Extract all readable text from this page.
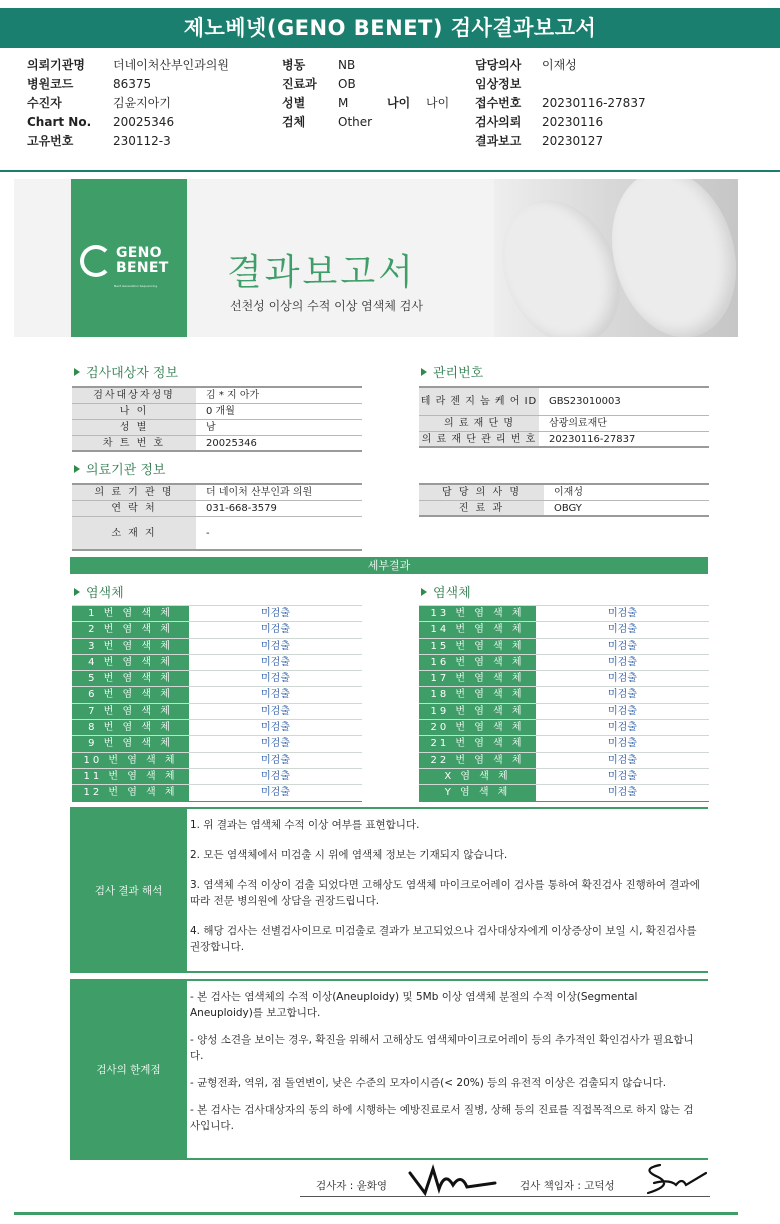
제노베넷(GENO BENET) 검사결과보고서
의뢰기관명	더네이처산부인과의원
병원코드	86375
수진자	김윤지아기
Chart No.	20025346
고유번호	230112-3
병동	NB
진료과	OB
성별	M
검체	Other
나이 나이
담당의사	이재성
임상정보
접수번호	20230116-27837
검사의뢰	20230116
결과보고	20230127
GENO
BENET
Next Generation Sequencing 결과보고서
선천성 이상의 수적 이상 염색체 검사
검사대상자 정보
검사대상자성명	김 * 지 아가
나 이	0 개월
성 별	남
차 트 번 호	20025346
관리번호
테 라 젠 지 놈 케 어 ID	GBS23010003
의 료 재 단 명	삼광의료재단
의 료 재 단 관 리 번 호	20230116-27837
의료기관 정보
의 료 기 관 명	더 네이처 산부인과 의원
연 락 처	031-668-3579
소 재 지	-
담 당 의 사 명	이재성
진 료 과	OBGY
세부결과
염색체	염색체
1 번 염 색 체	미검출
2 번 염 색 체	미검출
3 번 염 색 체	미검출
4 번 염 색 체	미검출
5 번 염 색 체	미검출
6 번 염 색 체	미검출
7 번 염 색 체	미검출
8 번 염 색 체	미검출
9 번 염 색 체	미검출
10 번 염 색 체	미검출
11 번 염 색 체	미검출
12 번 염 색 체	미검출
13 번 염 색 체	미검출
14 번 염 색 체	미검출
15 번 염 색 체	미검출
16 번 염 색 체	미검출
17 번 염 색 체	미검출
18 번 염 색 체	미검출
19 번 염 색 체	미검출
20 번 염 색 체	미검출
21 번 염 색 체	미검출
22 번 염 색 체	미검출
X 염 색 체	미검출
Y 염 색 체	미검출
검사 결과 해석

1. 위 결과는 염색체 수적 이상 여부를 표현합니다.

2. 모든 염색체에서 미검출 시 위에 염색체 정보는 기재되지 않습니다.

3. 염색체 수적 이상이 검출 되었다면 고해상도 염색체 마이크로어레이 검사를 통하여 확진검사 진행하여 결과에 따라 전문 병의원에 상담을 권장드립니다.

4. 해당 검사는 선별검사이므로 미검출로 결과가 보고되었으나 검사대상자에게 이상증상이 보일 시, 확진검사를 권장합니다.

검사의 한계점

- 본 검사는 염색체의 수적 이상(Aneuploidy) 및 5Mb 이상 염색체 분절의 수적 이상(Segmental Aneuploidy)를 보고합니다.

- 양성 소견을 보이는 경우, 확진을 위해서 고해상도 염색체마이크로어레이 등의 추가적인 확인검사가 필요합니다.

- 균형전좌, 역위, 점 돌연변이, 낮은 수준의 모자이시즘(< 20%) 등의 유전적 이상은 검출되지 않습니다.

- 본 검사는 검사대상자의 동의 하에 시행하는 예방진료로서 질병, 상해 등의 진료를 직접목적으로 하지 않는 검사입니다.

검사자 : 윤화영	검사 책임자 : 고덕성
